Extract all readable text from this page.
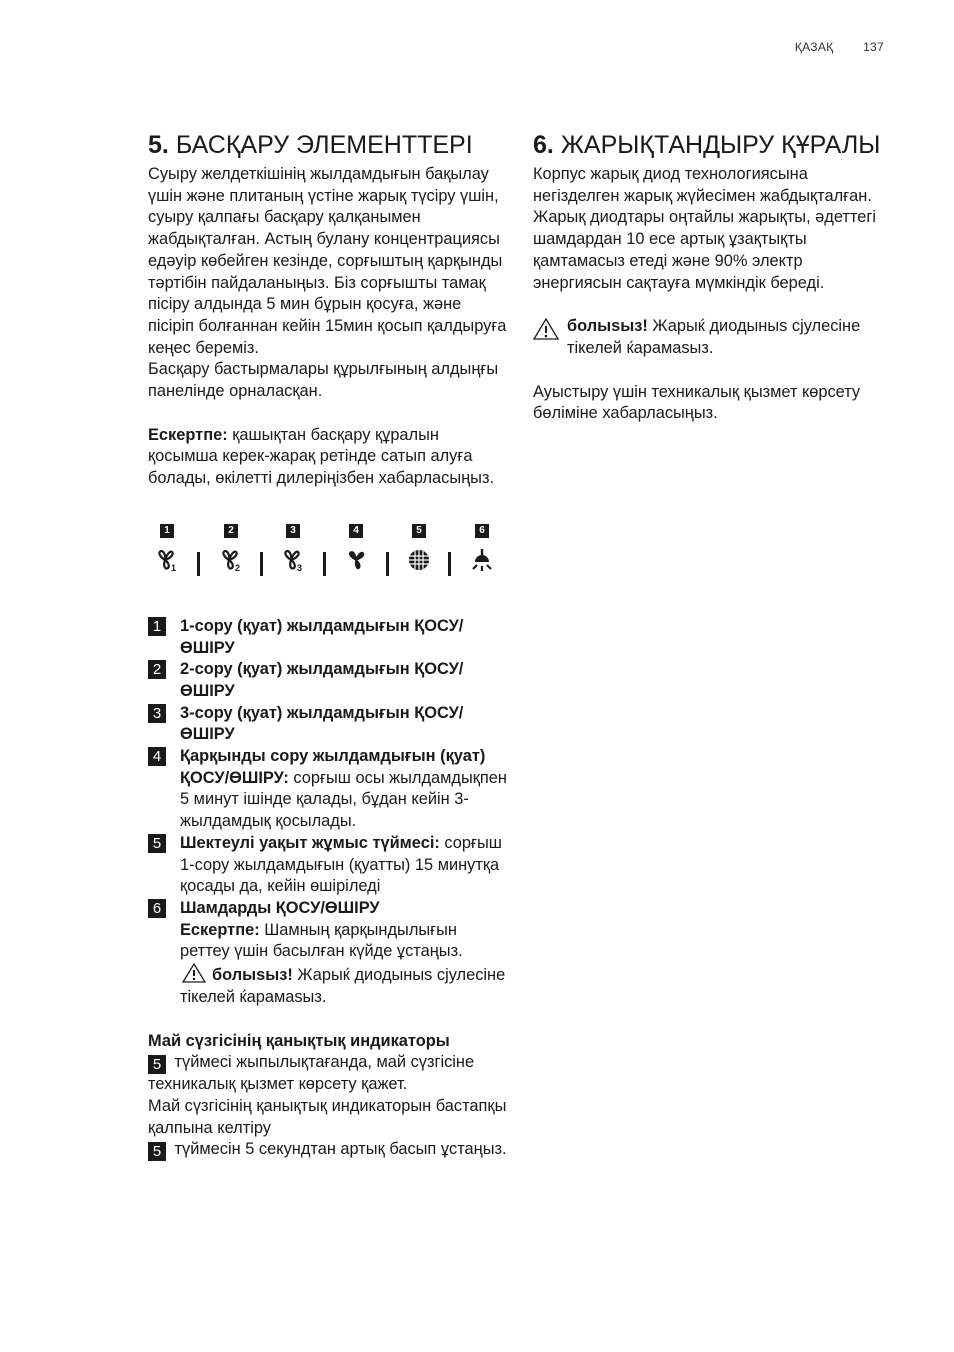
ҚАЗАҚ 137
5. БАСҚАРУ ЭЛЕМЕНТТЕРІ

Суыру желдеткішінің жылдамдығын бақылау үшін және плитаның үстіне жарық түсіру үшін, суыру қалпағы басқару қалқанымен жабдықталған. Астың булану концентрациясы едәуір көбейген кезінде, сорғыштың қарқынды тәртібін пайдаланыңыз. Біз сорғышты тамақ пісіру алдында 5 мин бұрын қосуға, және пісіріп болғаннан кейін 15мин қосып қалдыруға кеңес береміз.

Басқару бастырмалары құрылғының алдыңғы панелінде орналасқан.

Ескертпе: қашықтан басқару құралын қосымша керек-жарақ ретінде сатып алуға болады, өкілетті дилеріңізбен хабарласыңыз.

1
1
2
2
3
3
4	5	6
1 1-сору (қуат) жылдамдығын ҚОСУ/ӨШІРУ
2 2-сору (қуат) жылдамдығын ҚОСУ/ӨШІРУ
3 3-сору (қуат) жылдамдығын ҚОСУ/ӨШІРУ
4 Қарқынды сору жылдамдығын (қуат) ҚОСУ/ӨШІРУ: сорғыш осы жылдамдықпен 5 минут ішінде қалады, бұдан кейін 3-жылдамдық қосылады.
5 Шектеулі уақыт жұмыс түймесі: сорғыш 1-сору жылдамдығын (қуатты) 15 минутқа қосады да, кейін өшіріледі
6 Шамдарды ҚОСУ/ӨШІРУ
Ескертпе: Шамның қарқындылығын реттеу үшін басылған күйде ұстаңыз.
болыsыз! Жарыќ диодыныs сjулесіне тікелей ќарамаsыз.

Май сүзгісінің қанықтық индикаторы

5 түймесі жыпылықтағанда, май сүзгісіне техникалық қызмет көрсету қажет.

Май сүзгісінің қанықтық индикаторын бастапқы қалпына келтіру

5 түймесін 5 секундтан артық басып ұстаңыз.

6. ЖАРЫҚТАНДЫРУ ҚҰРАЛЫ

Корпус жарық диод технологиясына негізделген жарық жүйесімен жабдықталған.

Жарық диодтары оңтайлы жарықты, әдеттегі шамдардан 10 есе артық ұзақтықты қамтамасыз етеді және 90% электр энергиясын сақтауға мүмкіндік береді.

болыsыз! Жарыќ диодыныs сjулесіне тікелей ќарамаsыз.

Ауыстыру үшін техникалық қызмет көрсету бөліміне хабарласыңыз.
